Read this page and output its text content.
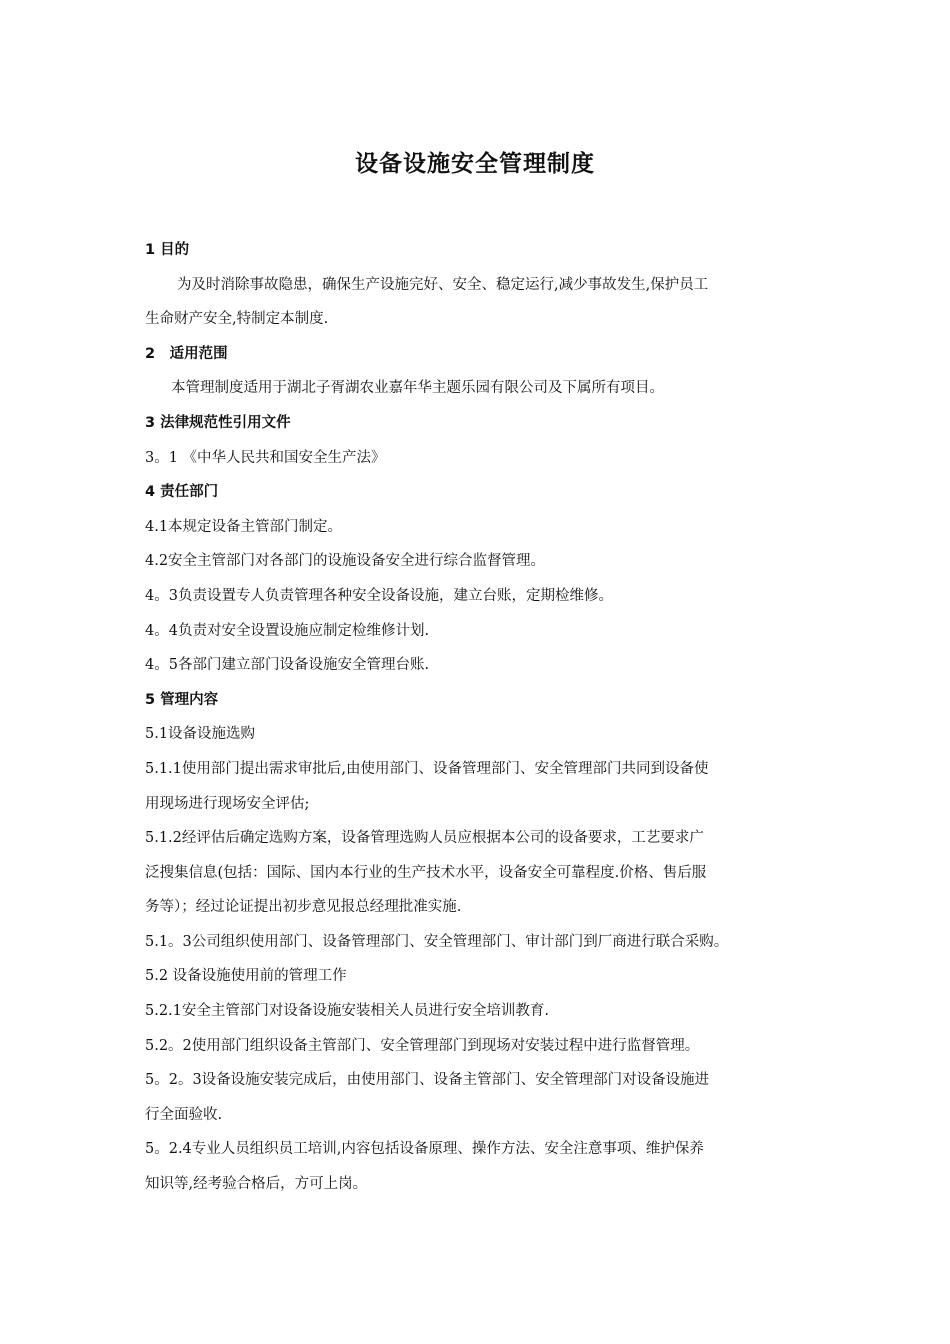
设备设施安全管理制度
1 目的
为及时消除事故隐患，确保生产设施完好、安全、稳定运行,减少事故发生,保护员工
生命财产安全,特制定本制度.
2　适用范围
本管理制度适用于湖北子胥湖农业嘉年华主题乐园有限公司及下属所有项目。
3 法律规范性引用文件
3。1 《中华人民共和国安全生产法》
4 责任部门
4.1本规定设备主管部门制定。
4.2安全主管部门对各部门的设施设备安全进行综合监督管理。
4。3负责设置专人负责管理各种安全设备设施，建立台账，定期检维修。
4。4负责对安全设置设施应制定检维修计划.
4。5各部门建立部门设备设施安全管理台账.
5 管理内容
5.1设备设施选购
5.1.1使用部门提出需求审批后,由使用部门、设备管理部门、安全管理部门共同到设备使
用现场进行现场安全评估;
5.1.2经评估后确定选购方案，设备管理选购人员应根据本公司的设备要求，工艺要求广
泛搜集信息(包括：国际、国内本行业的生产技术水平，设备安全可靠程度.价格、售后服
务等）；经过论证提出初步意见报总经理批准实施.
5.1。3公司组织使用部门、设备管理部门、安全管理部门、审计部门到厂商进行联合采购。
5.2 设备设施使用前的管理工作
5.2.1安全主管部门对设备设施安装相关人员进行安全培训教育.
5.2。2使用部门组织设备主管部门、安全管理部门到现场对安装过程中进行监督管理。
5。2。3设备设施安装完成后，由使用部门、设备主管部门、安全管理部门对设备设施进
行全面验收.
5。2.4专业人员组织员工培训,内容包括设备原理、操作方法、安全注意事项、维护保养
知识等,经考验合格后，方可上岗。
